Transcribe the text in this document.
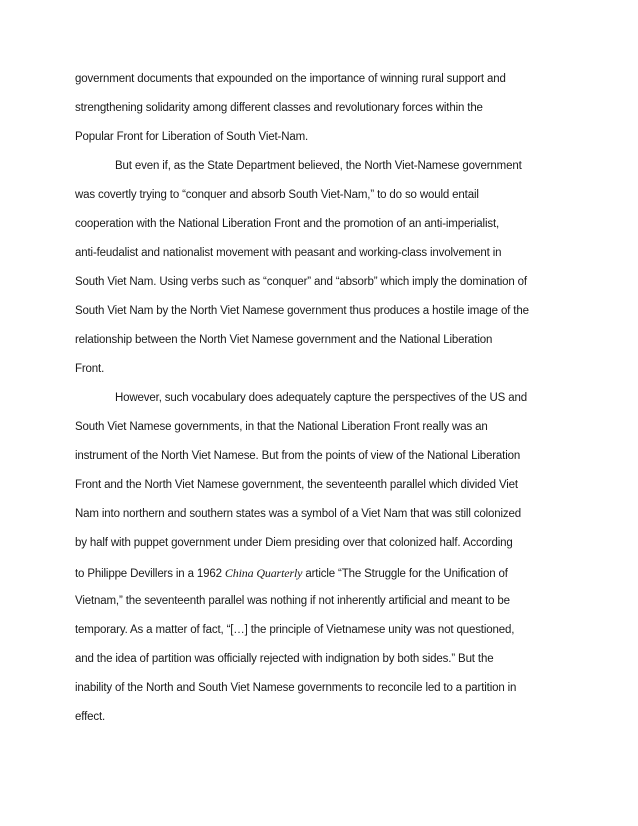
government documents that expounded on the importance of winning rural support and
strengthening solidarity among different classes and revolutionary forces within the
Popular Front for Liberation of South Viet-Nam.
But even if, as the State Department believed, the North Viet-Namese government
was covertly trying to “conquer and absorb South Viet-Nam,” to do so would entail
cooperation with the National Liberation Front and the promotion of an anti-imperialist,
anti-feudalist and nationalist movement with peasant and working-class involvement in
South Viet Nam. Using verbs such as “conquer” and “absorb” which imply the domination of
South Viet Nam by the North Viet Namese government thus produces a hostile image of the
relationship between the North Viet Namese government and the National Liberation
Front.
However, such vocabulary does adequately capture the perspectives of the US and
South Viet Namese governments, in that the National Liberation Front really was an
instrument of the North Viet Namese. But from the points of view of the National Liberation
Front and the North Viet Namese government, the seventeenth parallel which divided Viet
Nam into northern and southern states was a symbol of a Viet Nam that was still colonized
by half with puppet government under Diem presiding over that colonized half. According
to Philippe Devillers in a 1962 China Quarterly article “The Struggle for the Unification of
Vietnam,” the seventeenth parallel was nothing if not inherently artificial and meant to be
temporary. As a matter of fact, “[…] the principle of Vietnamese unity was not questioned,
and the idea of partition was officially rejected with indignation by both sides.” But the
inability of the North and South Viet Namese governments to reconcile led to a partition in
effect.
